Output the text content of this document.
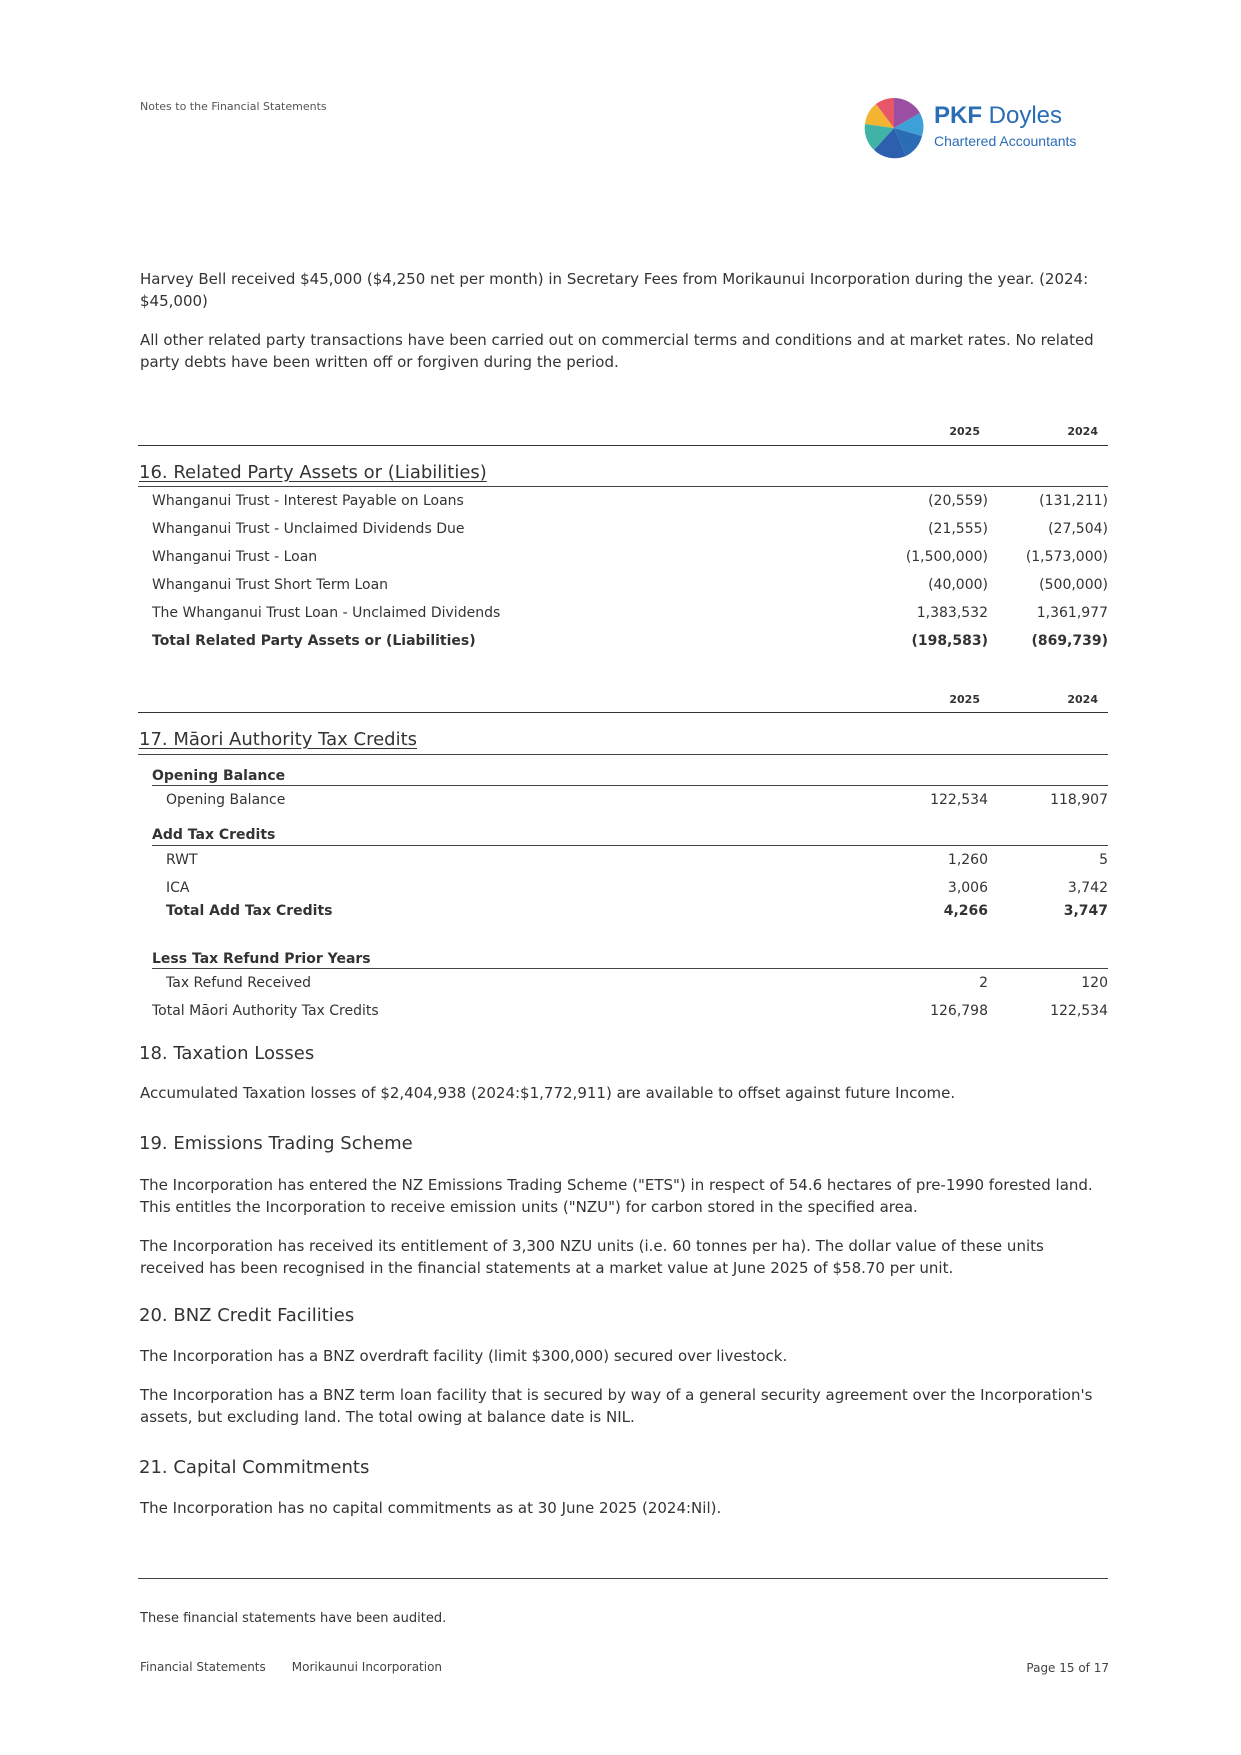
Notes to the Financial Statements	PKF Doyles
Chartered Accountants
Harvey Bell received $45,000 ($4,250 net per month) in Secretary Fees from Morikaunui Incorporation during the year. (2024: $45,000)
All other related party transactions have been carried out on commercial terms and conditions and at market rates. No related party debts have been written off or forgiven during the period.
2025	2024
16. Related Party Assets or (Liabilities)
Whanganui Trust - Interest Payable on Loans	(20,559)	(131,211)
Whanganui Trust - Unclaimed Dividends Due	(21,555)	(27,504)
Whanganui Trust - Loan	(1,500,000)	(1,573,000)
Whanganui Trust Short Term Loan	(40,000)	(500,000)
The Whanganui Trust Loan - Unclaimed Dividends	1,383,532	1,361,977
Total Related Party Assets or (Liabilities)	(198,583)	(869,739)
2025	2024
17. Māori Authority Tax Credits
Opening Balance
Opening Balance	122,534	118,907
Add Tax Credits
RWT	1,260	5
ICA	3,006	3,742
Total Add Tax Credits	4,266	3,747
Less Tax Refund Prior Years
Tax Refund Received	2	120
Total Māori Authority Tax Credits	126,798	122,534
18. Taxation Losses
Accumulated Taxation losses of $2,404,938 (2024:$1,772,911) are available to offset against future Income.
19. Emissions Trading Scheme
The Incorporation has entered the NZ Emissions Trading Scheme ("ETS") in respect of 54.6 hectares of pre-1990 forested land. This entitles the Incorporation to receive emission units ("NZU") for carbon stored in the specified area.
The Incorporation has received its entitlement of 3,300 NZU units (i.e. 60 tonnes per ha). The dollar value of these units received has been recognised in the financial statements at a market value at June 2025 of $58.70 per unit.
20. BNZ Credit Facilities
The Incorporation has a BNZ overdraft facility (limit $300,000) secured over livestock.
The Incorporation has a BNZ term loan facility that is secured by way of a general security agreement over the Incorporation's assets, but excluding land. The total owing at balance date is NIL.
21. Capital Commitments
The Incorporation has no capital commitments as at 30 June 2025 (2024:Nil).
These financial statements have been audited.
Financial Statements Morikaunui Incorporation	Page 15 of 17
